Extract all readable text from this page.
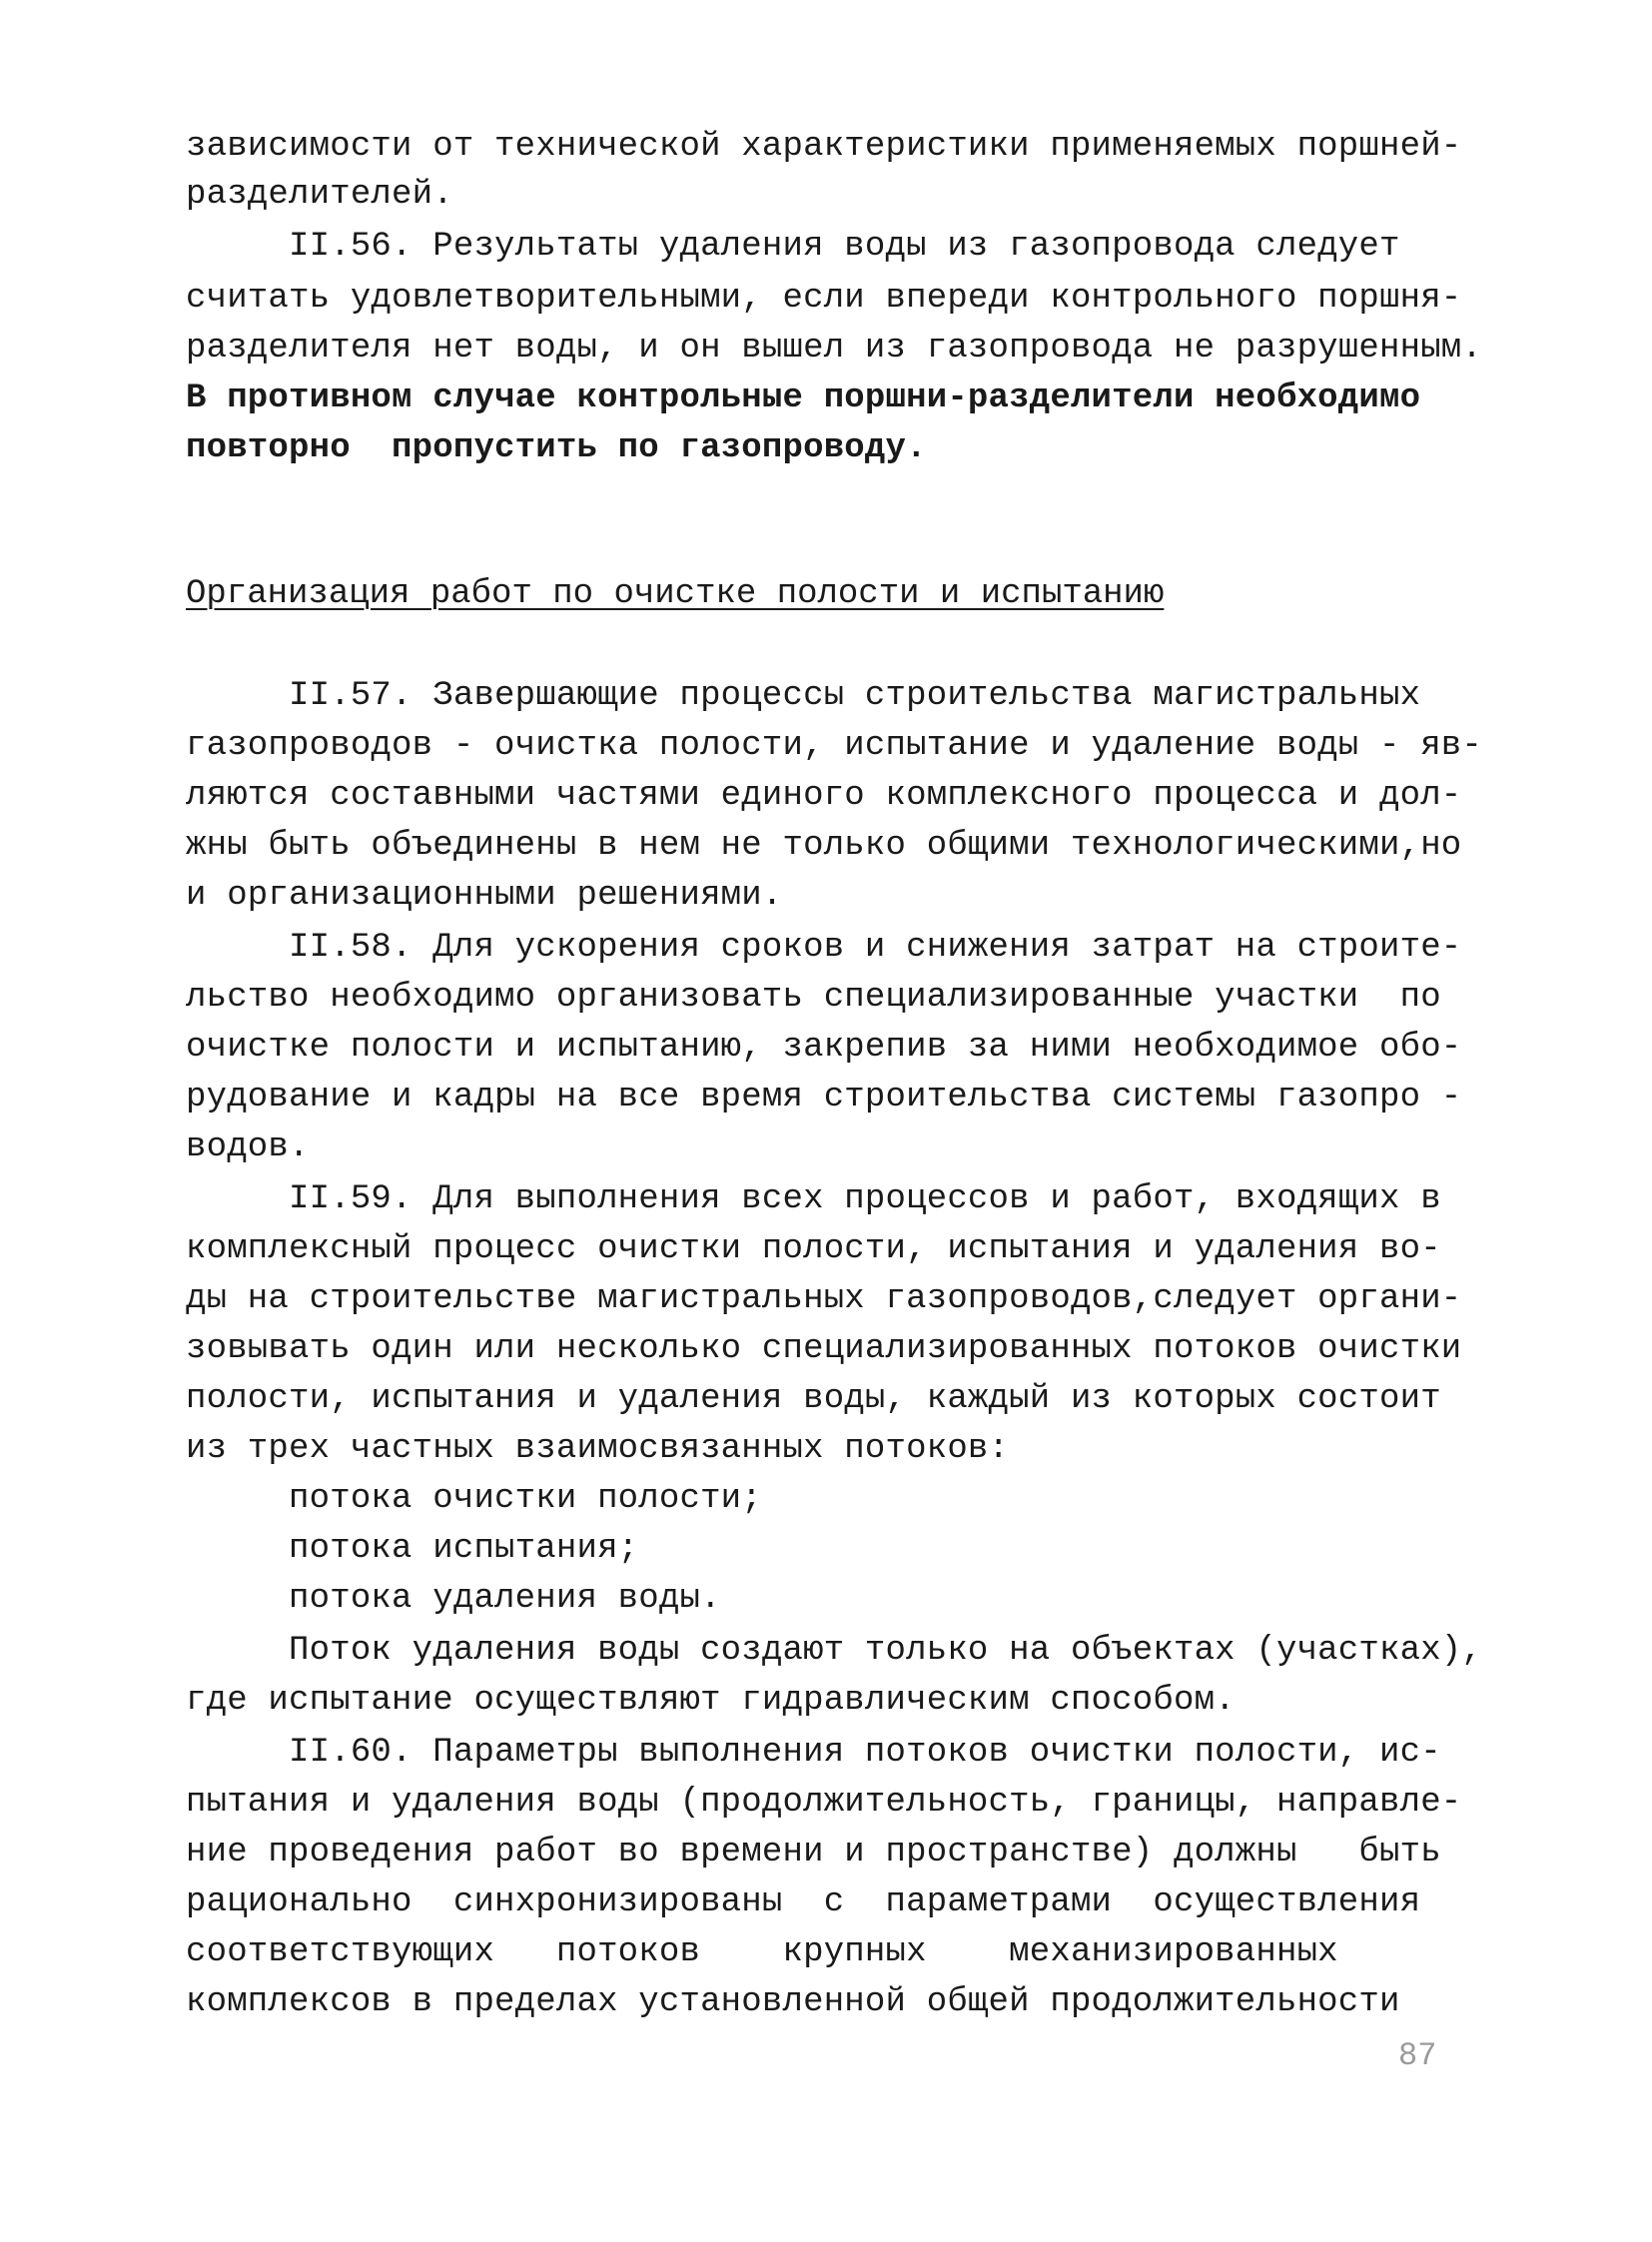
зависимости от технической характеристики применяемых поршней-
разделителей.
II.56. Результаты удаления воды из газопровода следует
считать удовлетворительными, если впереди контрольного поршня-
разделителя нет воды, и он вышел из газопровода не разрушенным.
В противном случае контрольные поршни-разделители необходимо
повторно  пропустить по газопроводу.
Организация работ по очистке полости и испытанию
II.57. Завершающие процессы строительства магистральных
газопроводов - очистка полости, испытание и удаление воды - яв-
ляются составными частями единого комплексного процесса и дол-
жны быть объединены в нем не только общими технологическими,но
и организационными решениями.
II.58. Для ускорения сроков и снижения затрат на строите-
льство необходимо организовать специализированные участки  по
очистке полости и испытанию, закрепив за ними необходимое обо-
рудование и кадры на все время строительства системы газопро -
водов.
II.59. Для выполнения всех процессов и работ, входящих в
комплексный процесс очистки полости, испытания и удаления во-
ды на строительстве магистральных газопроводов,следует органи-
зовывать один или несколько специализированных потоков очистки
полости, испытания и удаления воды, каждый из которых состоит
из трех частных взаимосвязанных потоков:
потока очистки полости;
потока испытания;
потока удаления воды.
Поток удаления воды создают только на объектах (участках),
где испытание осуществляют гидравлическим способом.
II.60. Параметры выполнения потоков очистки полости, ис-
пытания и удаления воды (продолжительность, границы, направле-
ние проведения работ во времени и пространстве) должны   быть
рационально  синхронизированы  с  параметрами  осуществления
соответствующих   потоков    крупных    механизированных
комплексов в пределах установленной общей продолжительности
87
